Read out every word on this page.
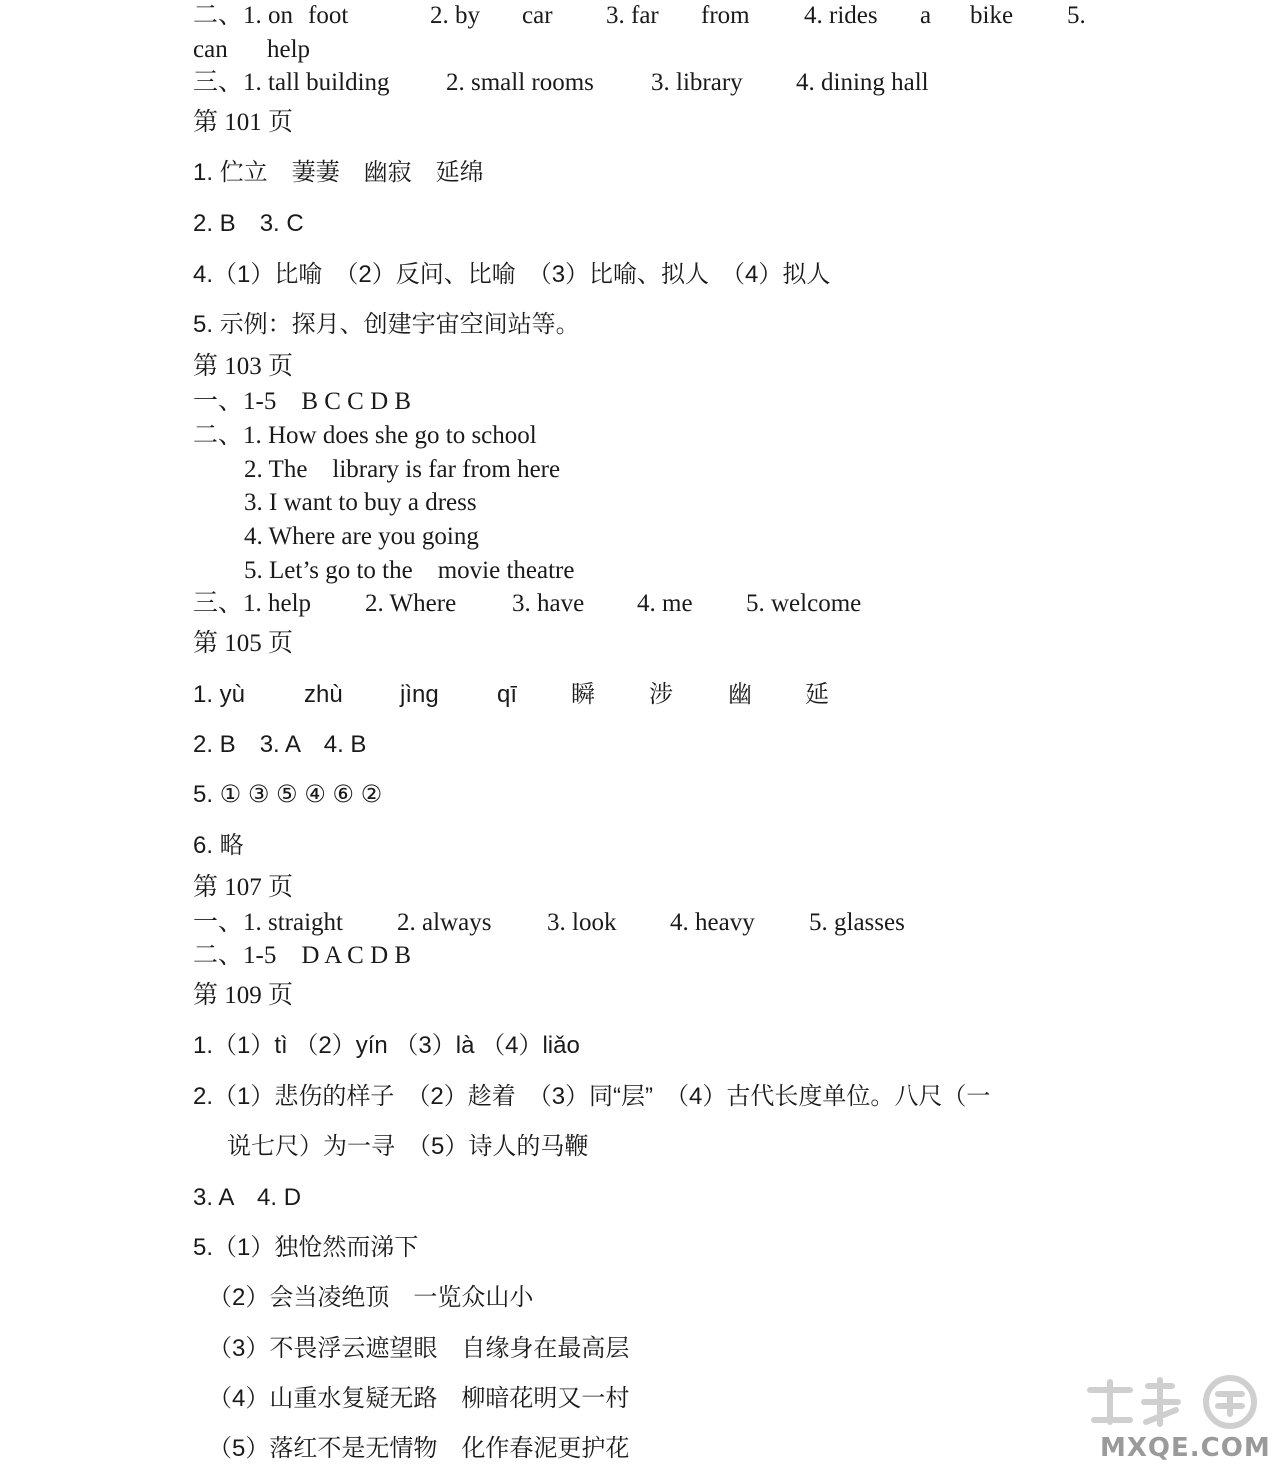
二、1. on foot	2. by car 3. far from 4. rides a bike 5.
can help
三、1. tall building 2. small rooms 3. library 4. dining hall
第 101 页
1. 伫立　萋萋　幽寂　延绵
2. B　3. C
4.（1）比喻　（2）反问、比喻　（3）比喻、拟人　（4）拟人
5. 示例：探月、创建宇宙空间站等。
第 103 页
一、1-5　B C C D B
二、1. How does she go to school
2. The　library is far from here
3. I want to buy a dress
4. Where are you going
5. Let’s go to the　movie theatre
三、1. help 2. Where 3. have 4. me 5. welcome
第 105 页
1. yù zhù jìng qī 瞬 涉 幽 延
2. B　3. A　4. B
5. ① ③ ⑤ ④ ⑥ ②
6. 略
第 107 页
一、1. straight 2. always 3. look 4. heavy 5. glasses
二、1-5　D A C D B
第 109 页
1.（1）tì （2）yín （3）là （4）liǎo
2.（1）悲伤的样子　（2）趁着　（3）同“层”　（4）古代长度单位。八尺（一
说七尺）为一寻　（5）诗人的马鞭
3. A　4. D
5.（1）独怆然而涕下
（2）会当凌绝顶　一览众山小
（3）不畏浮云遮望眼　自缘身在最高层
（4）山重水复疑无路　柳暗花明又一村
（5）落红不是无情物　化作春泥更护花	MXQE.COM
